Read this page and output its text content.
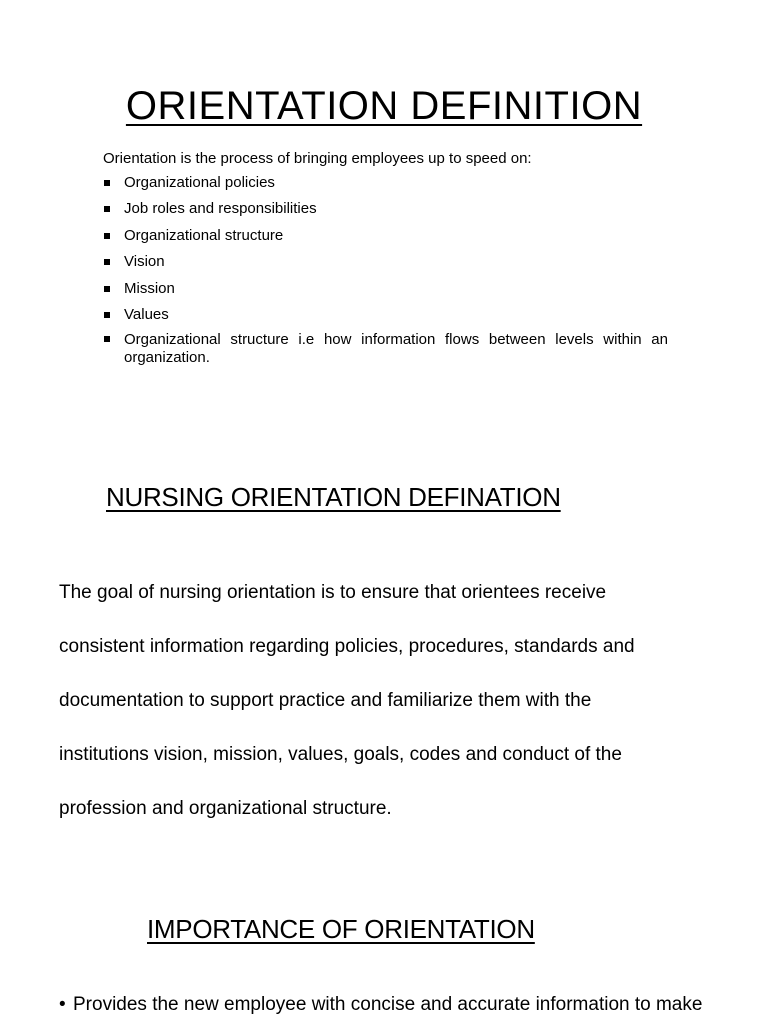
ORIENTATION DEFINITION
Orientation is the process of bringing employees up to speed on:
Organizational policies
Job roles and responsibilities
Organizational structure
Vision
Mission
Values
Organizational structure i.e how information flows between levels within an organization.
NURSING ORIENTATION DEFINATION

The goal of nursing orientation is to ensure that orientees receive
consistent information regarding policies, procedures, standards and
documentation to support practice and familiarize them with the
institutions vision, mission, values, goals, codes and conduct of the
profession and organizational structure.

IMPORTANCE OF ORIENTATION
• Provides the new employee with concise and accurate information to make
